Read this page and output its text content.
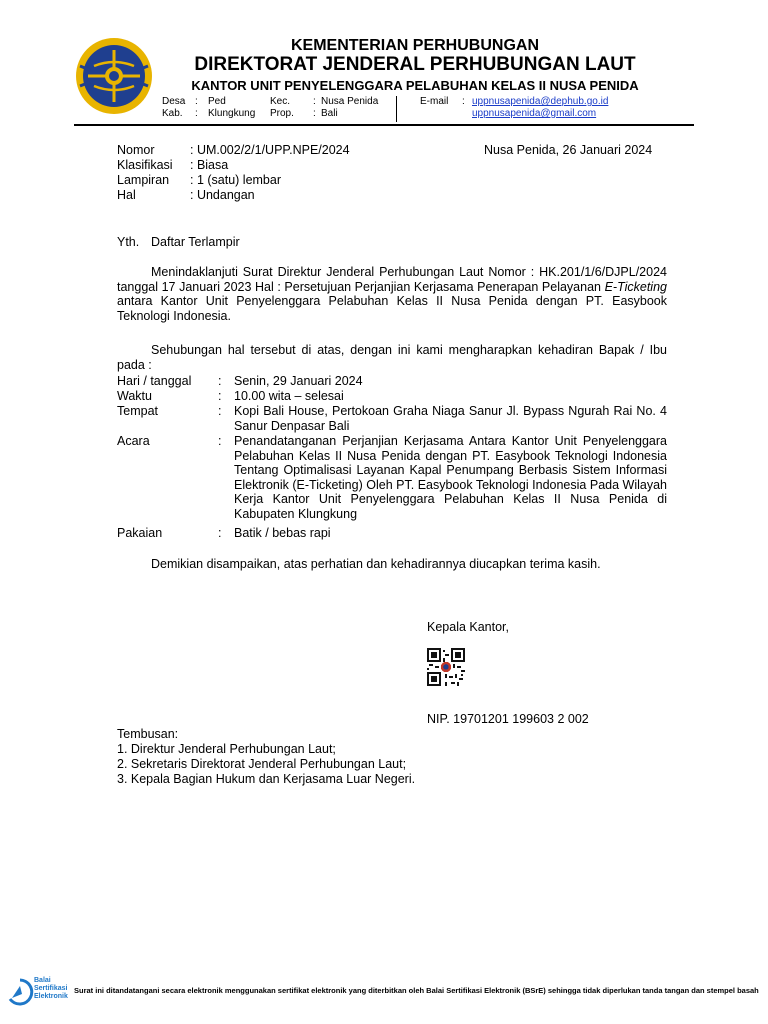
KEMENTERIAN PERHUBUNGAN
DIREKTORAT JENDERAL PERHUBUNGAN LAUT
KANTOR UNIT PENYELENGGARA PELABUHAN KELAS II NUSA PENIDA
Desa : Ped
Kab. : Klungkung
Kec. : Nusa Penida
Prop. : Bali
E-mail : uppnusapenida@dephub.go.id
uppnusapenida@gmail.com
Nomor	: UM.002/2/1/UPP.NPE/2024	Nusa Penida, 26 Januari 2024
Klasifikasi : Biasa
Lampiran : 1 (satu) lembar
Hal	: Undangan
Yth. Daftar Terlampir
Menindaklanjuti Surat Direktur Jenderal Perhubungan Laut Nomor : HK.201/1/6/DJPL/2024 tanggal 17 Januari 2023 Hal : Persetujuan Perjanjian Kerjasama Penerapan Pelayanan E-Ticketing antara Kantor Unit Penyelenggara Pelabuhan Kelas II Nusa Penida dengan PT. Easybook Teknologi Indonesia.
Sehubungan hal tersebut di atas, dengan ini kami mengharapkan kehadiran Bapak / Ibu pada :
Hari / tanggal : Senin, 29 Januari 2024
Waktu	: 10.00 wita – selesai
Tempat	: Kopi Bali House, Pertokoan Graha Niaga Sanur Jl. Bypass Ngurah Rai No. 4 Sanur Denpasar Bali
Acara	: Penandatanganan Perjanjian Kerjasama Antara Kantor Unit Penyelenggara Pelabuhan Kelas II Nusa Penida dengan PT. Easybook Teknologi Indonesia Tentang Optimalisasi Layanan Kapal Penumpang Berbasis Sistem Informasi Elektronik (E-Ticketing) Oleh PT. Easybook Teknologi Indonesia Pada Wilayah Kerja Kantor Unit Penyelenggara Pelabuhan Kelas II Nusa Penida di Kabupaten Klungkung
Pakaian	: Batik / bebas rapi
Demikian disampaikan, atas perhatian dan kehadirannya diucapkan terima kasih.
Kepala Kantor,
NIP. 19701201 199603 2 002
Tembusan:
1. Direktur Jenderal Perhubungan Laut;
2. Sekretaris Direktorat Jenderal Perhubungan Laut;
3. Kepala Bagian Hukum dan Kerjasama Luar Negeri.
Balai
Sertifikasi
Elektronik
Surat ini ditandatangani secara elektronik menggunakan sertifikat elektronik yang diterbitkan oleh Balai Sertifikasi Elektronik (BSrE) sehingga tidak diperlukan tanda tangan dan stempel basah
